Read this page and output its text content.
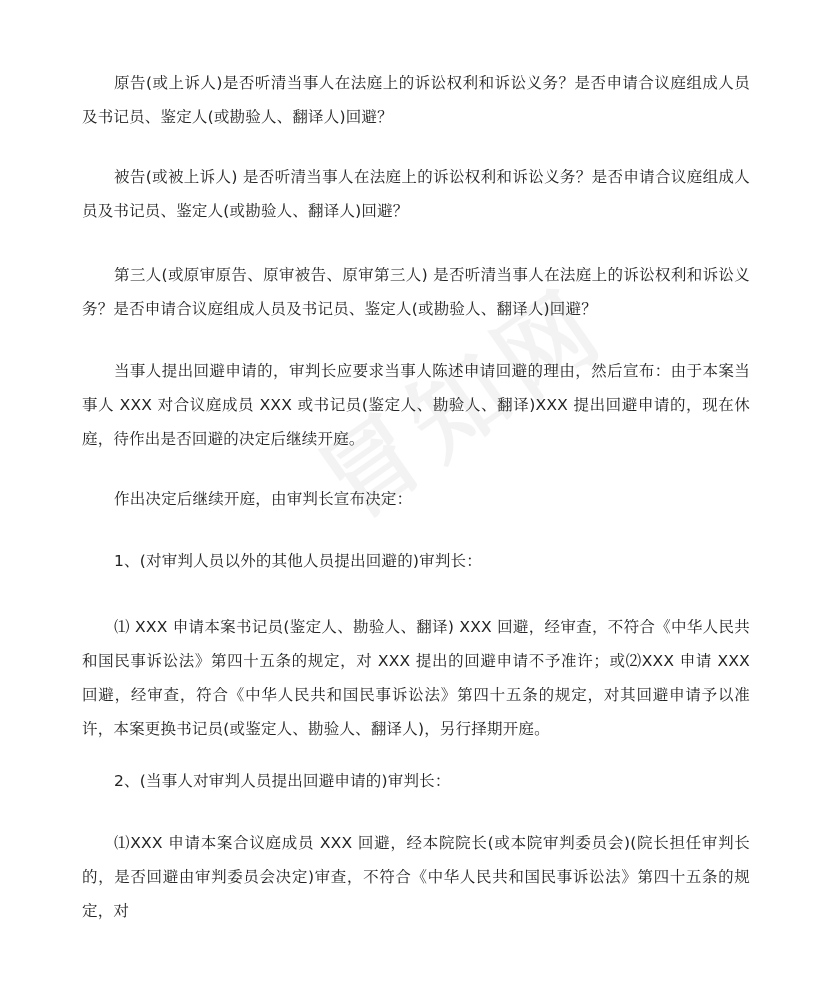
原告(或上诉人)是否听清当事人在法庭上的诉讼权利和诉讼义务？是否申请合议庭组成人员及书记员、鉴定人(或勘验人、翻译人)回避？

被告(或被上诉人) 是否听清当事人在法庭上的诉讼权利和诉讼义务？是否申请合议庭组成人员及书记员、鉴定人(或勘验人、翻译人)回避？

第三人(或原审原告、原审被告、原审第三人) 是否听清当事人在法庭上的诉讼权利和诉讼义务？是否申请合议庭组成人员及书记员、鉴定人(或勘验人、翻译人)回避？

当事人提出回避申请的，审判长应要求当事人陈述申请回避的理由，然后宣布：由于本案当事人 XXX 对合议庭成员 XXX 或书记员(鉴定人、勘验人、翻译)XXX 提出回避申请的，现在休庭，待作出是否回避的决定后继续开庭。

作出决定后继续开庭，由审判长宣布决定：

1、(对审判人员以外的其他人员提出回避的)审判长：

⑴ XXX 申请本案书记员(鉴定人、勘验人、翻译) XXX 回避，经审查，不符合《中华人民共和国民事诉讼法》第四十五条的规定，对 XXX 提出的回避申请不予准许；或⑵XXX 申请 XXX 回避，经审查，符合《中华人民共和国民事诉讼法》第四十五条的规定，对其回避申请予以准许，本案更换书记员(或鉴定人、勘验人、翻译人)，另行择期开庭。

2、(当事人对审判人员提出回避申请的)审判长：

⑴XXX 申请本案合议庭成员 XXX 回避，经本院院长(或本院审判委员会)(院长担任审判长的，是否回避由审判委员会决定)审查，不符合《中华人民共和国民事诉讼法》第四十五条的规定，对
